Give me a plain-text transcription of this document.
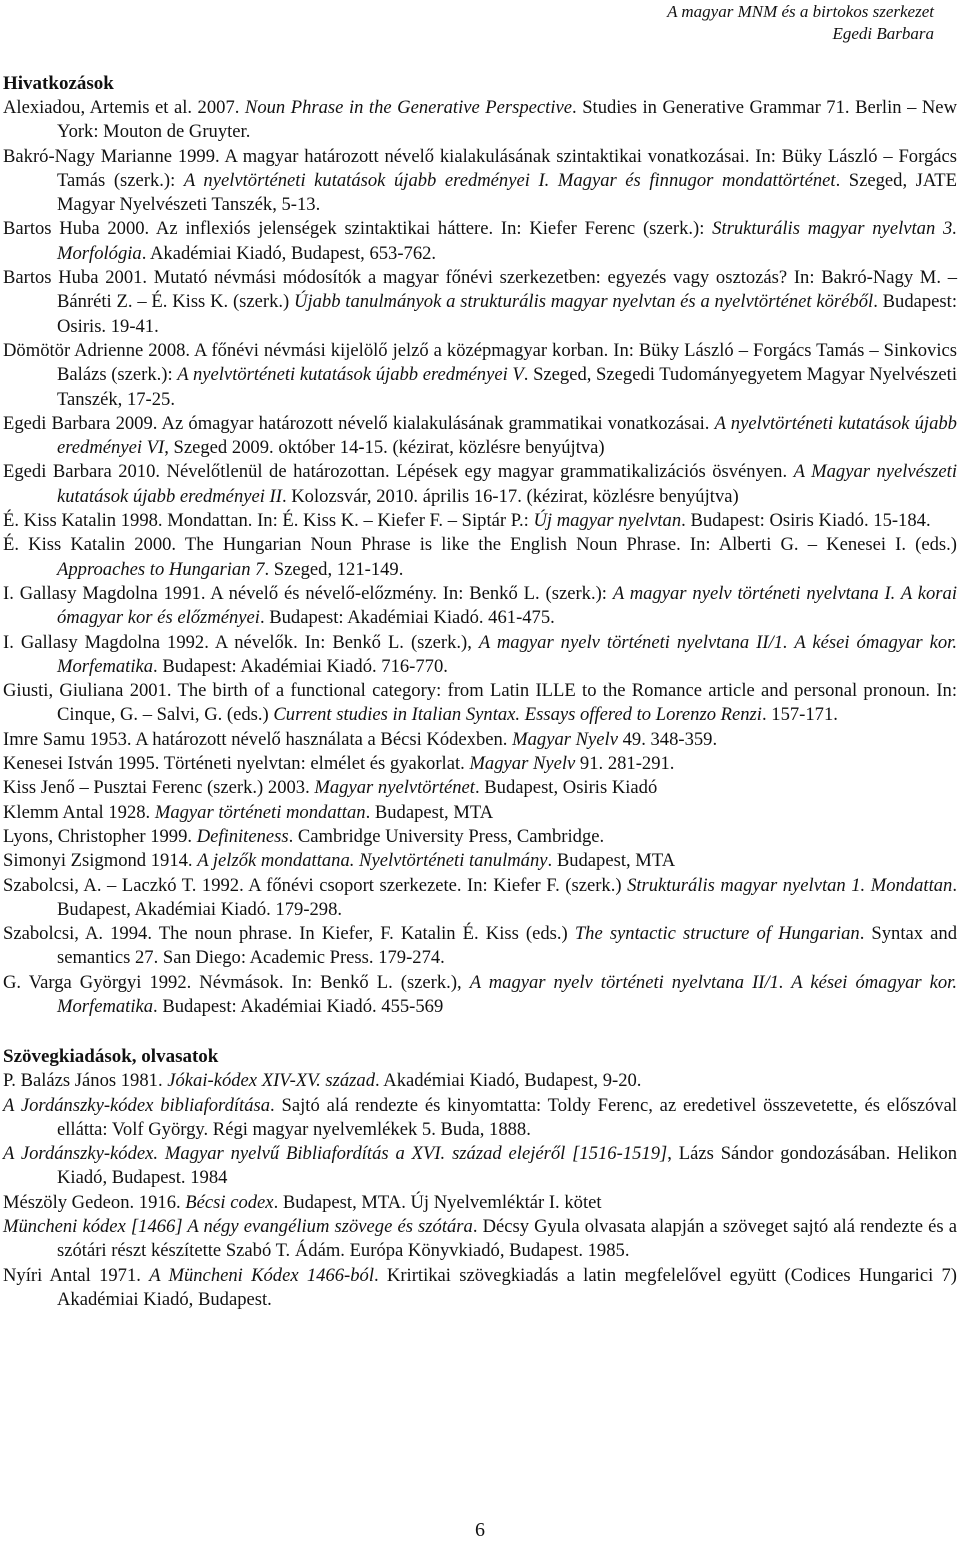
A magyar MNM és a birtokos szerkezet
Egedi Barbara
Hivatkozások
Alexiadou, Artemis et al. 2007. Noun Phrase in the Generative Perspective. Studies in Generative Grammar 71. Berlin – New York: Mouton de Gruyter.
Bakró-Nagy Marianne 1999. A magyar határozott névelő kialakulásának szintaktikai vonatkozásai. In: Büky László – Forgács Tamás (szerk.): A nyelvtörténeti kutatások újabb eredményei I. Magyar és finnugor mondattörténet. Szeged, JATE Magyar Nyelvészeti Tanszék, 5-13.
Bartos Huba 2000. Az inflexiós jelenségek szintaktikai háttere. In: Kiefer Ferenc (szerk.): Strukturális magyar nyelvtan 3. Morfológia. Akadémiai Kiadó, Budapest, 653-762.
Bartos Huba 2001. Mutató névmási módosítók a magyar főnévi szerkezetben: egyezés vagy osztozás? In: Bakró-Nagy M. – Bánréti Z. – É. Kiss K. (szerk.) Újabb tanulmányok a strukturális magyar nyelvtan és a nyelvtörténet köréből. Budapest: Osiris. 19-41.
Dömötör Adrienne 2008. A főnévi névmási kijelölő jelző a középmagyar korban. In: Büky László – Forgács Tamás – Sinkovics Balázs (szerk.): A nyelvtörténeti kutatások újabb eredményei V. Szeged, Szegedi Tudományegyetem Magyar Nyelvészeti Tanszék, 17-25.
Egedi Barbara 2009. Az ómagyar határozott névelő kialakulásának grammatikai vonatkozásai. A nyelvtörténeti kutatások újabb eredményei VI, Szeged 2009. október 14-15. (kézirat, közlésre benyújtva)
Egedi Barbara 2010. Névelőtlenül de határozottan. Lépések egy magyar grammatikalizációs ösvényen. A Magyar nyelvészeti kutatások újabb eredményei II. Kolozsvár, 2010. április 16-17. (kézirat, közlésre benyújtva)
É. Kiss Katalin 1998. Mondattan. In: É. Kiss K. – Kiefer F. – Siptár P.: Új magyar nyelvtan. Budapest: Osiris Kiadó. 15-184.
É. Kiss Katalin 2000. The Hungarian Noun Phrase is like the English Noun Phrase. In: Alberti G. – Kenesei I. (eds.) Approaches to Hungarian 7. Szeged, 121-149.
I. Gallasy Magdolna 1991. A névelő és névelő-előzmény. In: Benkő L. (szerk.): A magyar nyelv történeti nyelvtana I. A korai ómagyar kor és előzményei. Budapest: Akadémiai Kiadó. 461-475.
I. Gallasy Magdolna 1992. A névelők. In: Benkő L. (szerk.), A magyar nyelv történeti nyelvtana II/1. A kései ómagyar kor. Morfematika. Budapest: Akadémiai Kiadó. 716-770.
Giusti, Giuliana 2001. The birth of a functional category: from Latin ILLE to the Romance article and personal pronoun. In: Cinque, G. – Salvi, G. (eds.) Current studies in Italian Syntax. Essays offered to Lorenzo Renzi. 157-171.
Imre Samu 1953. A határozott névelő használata a Bécsi Kódexben. Magyar Nyelv 49. 348-359.
Kenesei István 1995. Történeti nyelvtan: elmélet és gyakorlat. Magyar Nyelv 91. 281-291.
Kiss Jenő – Pusztai Ferenc (szerk.) 2003. Magyar nyelvtörténet. Budapest, Osiris Kiadó
Klemm Antal 1928. Magyar történeti mondattan. Budapest, MTA
Lyons, Christopher 1999. Definiteness. Cambridge University Press, Cambridge.
Simonyi Zsigmond 1914. A jelzők mondattana. Nyelvtörténeti tanulmány. Budapest, MTA
Szabolcsi, A. – Laczkó T. 1992. A főnévi csoport szerkezete. In: Kiefer F. (szerk.) Strukturális magyar nyelvtan 1. Mondattan. Budapest, Akadémiai Kiadó. 179-298.
Szabolcsi, A. 1994. The noun phrase. In Kiefer, F. Katalin É. Kiss (eds.) The syntactic structure of Hungarian. Syntax and semantics 27. San Diego: Academic Press. 179-274.
G. Varga Györgyi 1992. Névmások. In: Benkő L. (szerk.), A magyar nyelv történeti nyelvtana II/1. A kései ómagyar kor. Morfematika. Budapest: Akadémiai Kiadó. 455-569
Szövegkiadások, olvasatok
P. Balázs János 1981. Jókai-kódex XIV-XV. század. Akadémiai Kiadó, Budapest, 9-20.
A Jordánszky-kódex bibliafordítása. Sajtó alá rendezte és kinyomtatta: Toldy Ferenc, az eredetivel összevetette, és előszóval ellátta: Volf György. Régi magyar nyelvemlékek 5. Buda, 1888.
A Jordánszky-kódex. Magyar nyelvű Bibliafordítás a XVI. század elejéről [1516-1519], Lázs Sándor gondozásában. Helikon Kiadó, Budapest. 1984
Mészöly Gedeon. 1916. Bécsi codex. Budapest, MTA. Új Nyelvemléktár I. kötet
Müncheni kódex [1466] A négy evangélium szövege és szótára. Décsy Gyula olvasata alapján a szöveget sajtó alá rendezte és a szótári részt készítette Szabó T. Ádám. Európa Könyvkiadó, Budapest. 1985.
Nyíri Antal 1971. A Müncheni Kódex 1466-ból. Krirtikai szövegkiadás a latin megfelelővel együtt (Codices Hungarici 7) Akadémiai Kiadó, Budapest.
6
